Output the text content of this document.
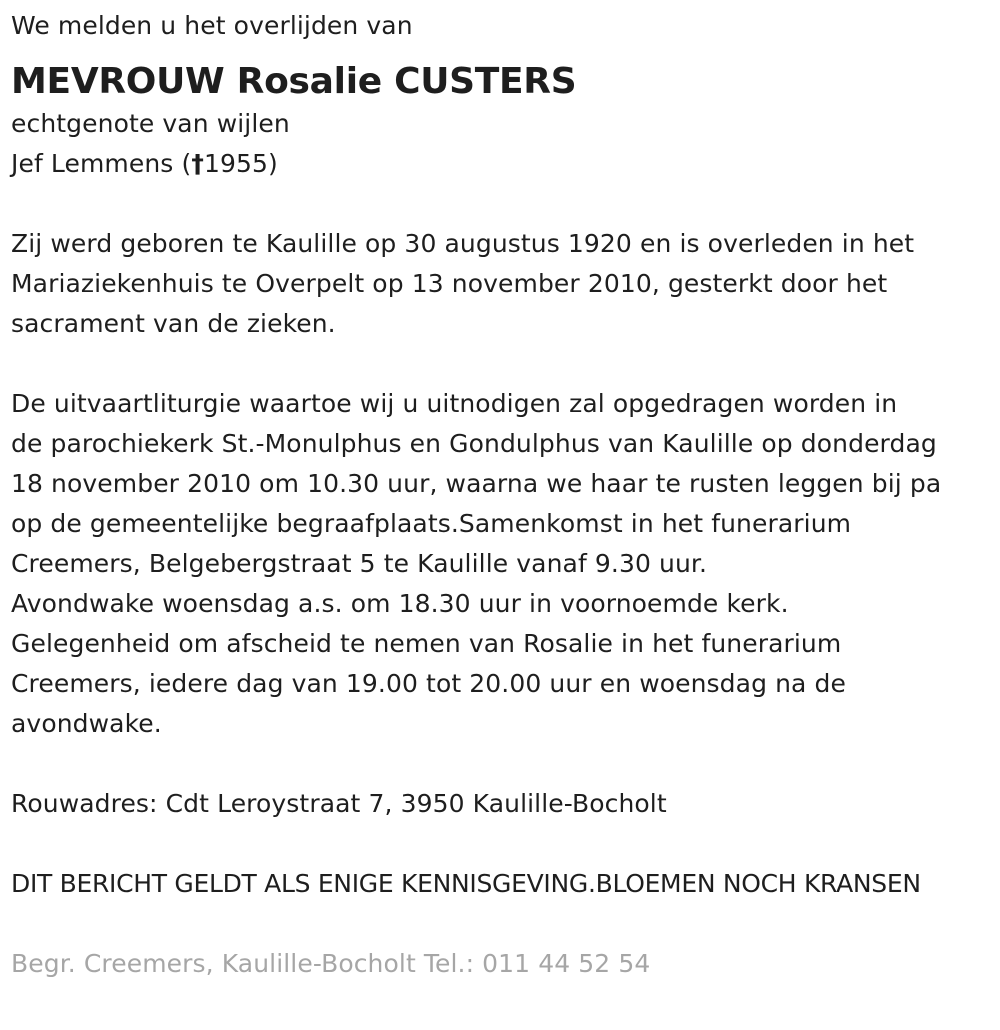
We melden u het overlijden van
MEVROUW Rosalie CUSTERS
echtgenote van wijlen
Jef Lemmens (†1955)
Zij werd geboren te Kaulille op 30 augustus 1920 en is overleden in het
Mariaziekenhuis te Overpelt op 13 november 2010, gesterkt door het
sacrament van de zieken.
De uitvaartliturgie waartoe wij u uitnodigen zal opgedragen worden in
de parochiekerk St.-Monulphus en Gondulphus van Kaulille op donderdag
18 november 2010 om 10.30 uur, waarna we haar te rusten leggen bij pa
op de gemeentelijke begraafplaats.Samenkomst in het funerarium
Creemers, Belgebergstraat 5 te Kaulille vanaf 9.30 uur.
Avondwake woensdag a.s. om 18.30 uur in voornoemde kerk.
Gelegenheid om afscheid te nemen van Rosalie in het funerarium
Creemers, iedere dag van 19.00 tot 20.00 uur en woensdag na de
avondwake.
Rouwadres: Cdt Leroystraat 7, 3950 Kaulille-Bocholt
DIT BERICHT GELDT ALS ENIGE KENNISGEVING.BLOEMEN NOCH KRANSEN
Begr. Creemers, Kaulille-Bocholt Tel.: 011 44 52 54
